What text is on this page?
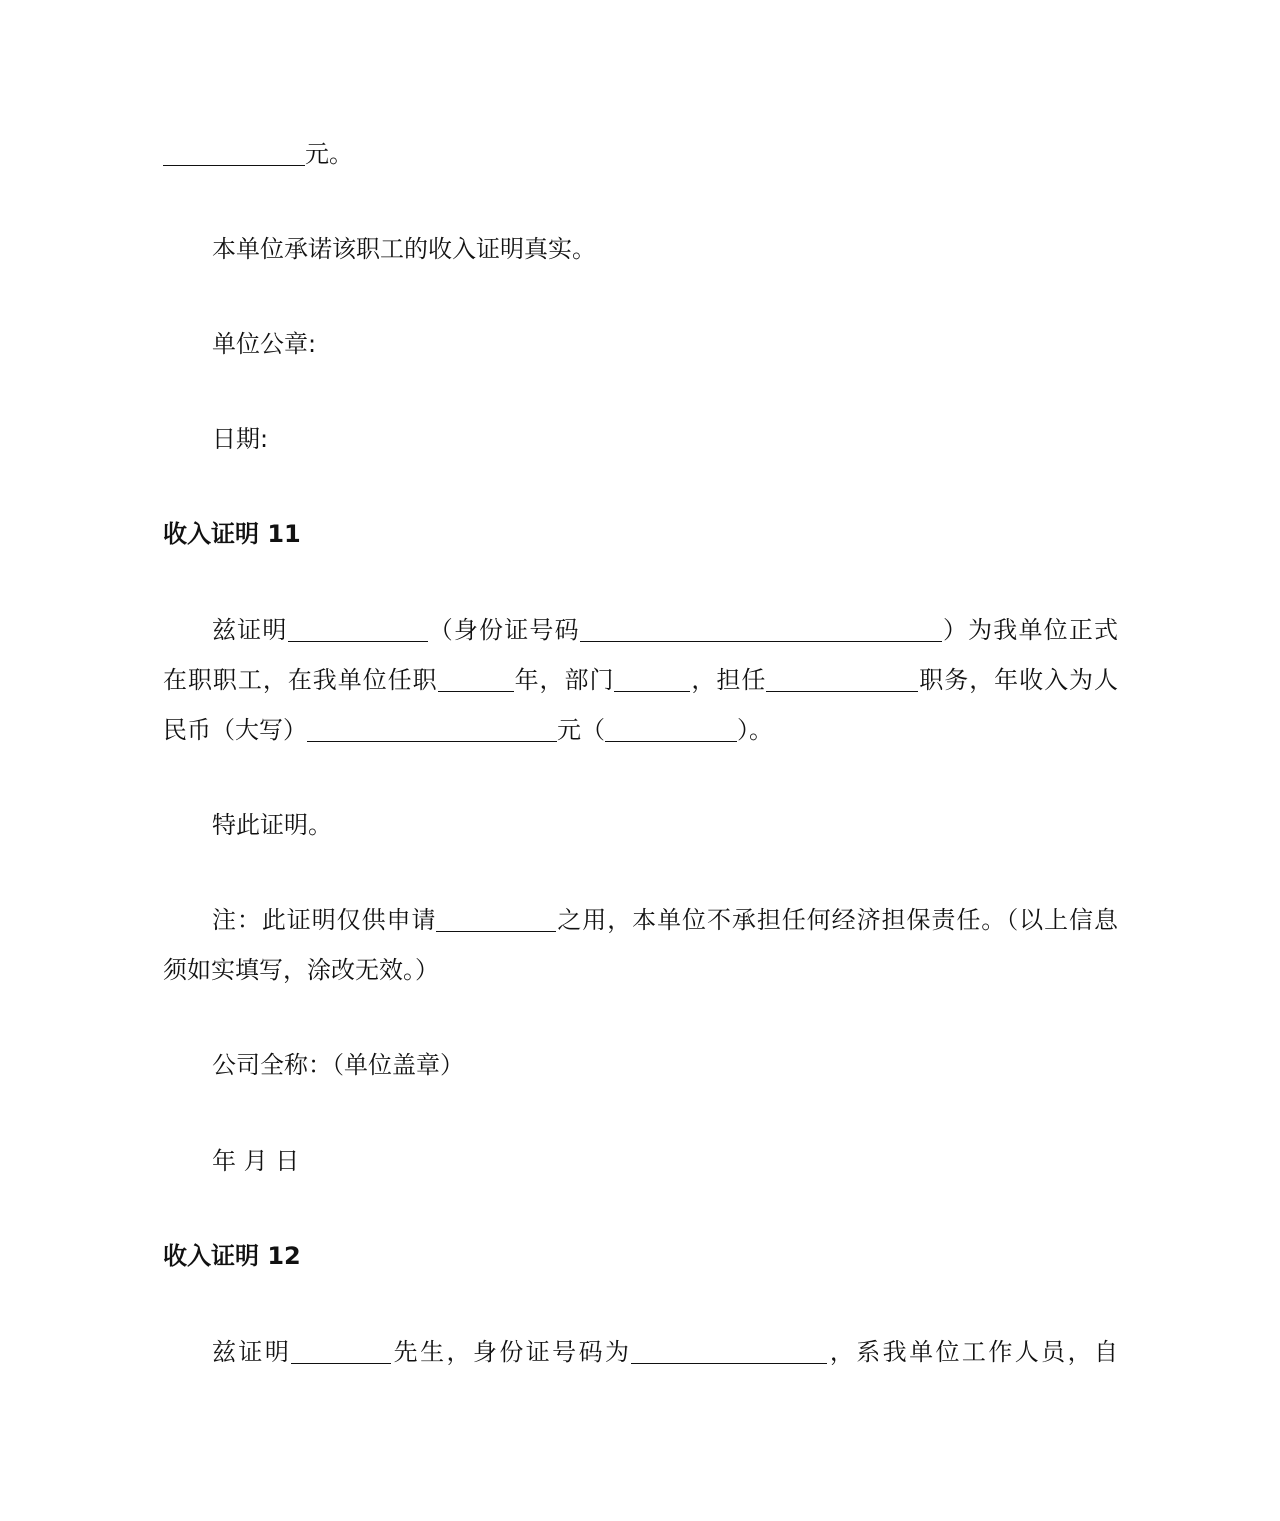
元。

本单位承诺该职工的收入证明真实。

单位公章:

日期:

收入证明 11

兹证明	（身份证号码	）为我单位正式

在职职工，在我单位任职	年，部门	，担任	职务，年收入为人

民币（大写）	元（	）。

特此证明。

注：此证明仅供申请	之用，本单位不承担任何经济担保责任。（以上信息

须如实填写，涂改无效。）

公司全称：（单位盖章）

年 月 日

收入证明 12

兹证明	先生，身份证号码为	，系我单位工作人员，自
